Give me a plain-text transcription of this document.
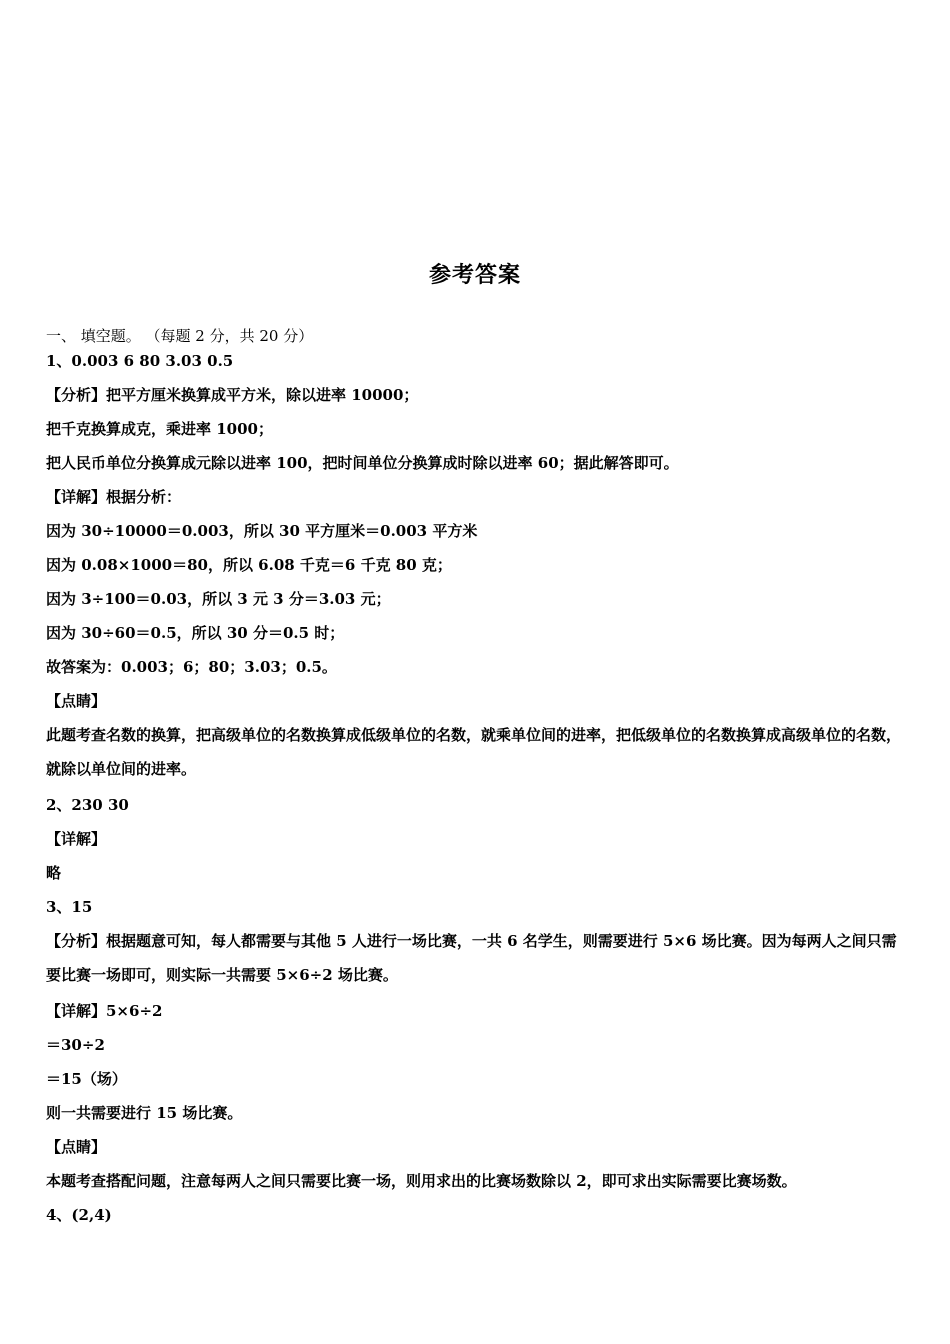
参考答案
一、 填空题。 （每题 2 分，共 20 分）
1、0.003 6 80 3.03 0.5
【分析】把平方厘米换算成平方米，除以进率 10000；
把千克换算成克，乘进率 1000；
把人民币单位分换算成元除以进率 100，把时间单位分换算成时除以进率 60；据此解答即可。
【详解】根据分析：
因为 30÷10000＝0.003，所以 30 平方厘米＝0.003 平方米
因为 0.08×1000＝80，所以 6.08 千克＝6 千克 80 克；
因为 3÷100＝0.03，所以 3 元 3 分＝3.03 元；
因为 30÷60＝0.5，所以 30 分＝0.5 时；
故答案为：0.003；6；80；3.03；0.5。
【点睛】
此题考查名数的换算，把高级单位的名数换算成低级单位的名数，就乘单位间的进率，把低级单位的名数换算成高级单位的名数，就除以单位间的进率。
2、230 30
【详解】
略
3、15
【分析】根据题意可知，每人都需要与其他 5 人进行一场比赛，一共 6 名学生，则需要进行 5×6 场比赛。因为每两人之间只需要比赛一场即可，则实际一共需要 5×6÷2 场比赛。
【详解】5×6÷2
＝30÷2
＝15（场）
则一共需要进行 15 场比赛。
【点睛】
本题考查搭配问题，注意每两人之间只需要比赛一场，则用求出的比赛场数除以 2，即可求出实际需要比赛场数。
4、(2,4)
